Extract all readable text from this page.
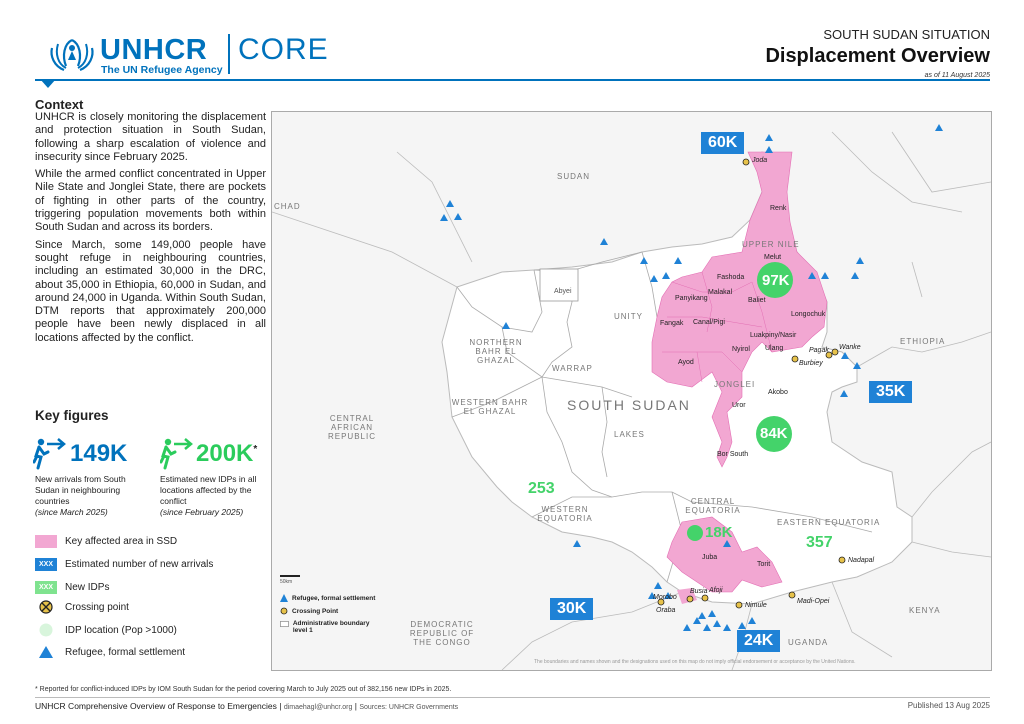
UNHCR
The UN Refugee Agency
CORE	SOUTH SUDAN SITUATION
Displacement Overview
as of 11 August 2025
Context

UNHCR is closely monitoring the displacement and protection situation in South Sudan, following a sharp escalation of violence and insecurity since February 2025.

While the armed conflict concentrated in Upper Nile State and Jonglei State, there are pockets of fighting in other parts of the country, triggering population movements both within South Sudan and across its borders.

Since March, some 149,000 people have sought refuge in neighbouring countries, including an estimated 30,000 in the DRC, about 35,000 in Ethiopia, 60,000 in Sudan, and around 24,000 in Uganda. Within South Sudan, DTM reports that approximately 200,000 people have been newly displaced in all locations affected by the conflict.

Key figures
149K
New arrivals from South Sudan in neighbouring countries
(since March 2025)
200K*
Estimated new IDPs in all locations affected by the conflict
(since February 2025)
Key affected area in SSD
XXX	Estimated number of new arrivals
XXX	New IDPs
Crossing point
IDP location (Pop >1000)
Refugee, formal settlement
SUDAN
CHAD
CENTRAL AFRICAN REPUBLIC
ETHIOPIA
DEMOCRATIC REPUBLIC OF THE CONGO	UGANDA
KENYA
SOUTH SUDAN
UPPER NILE
UNITY
NORTHERN BAHR EL GHAZAL
WARRAP
WESTERN BAHR EL GHAZAL
LAKES
JONGLEI
WESTERN EQUATORIA
CENTRAL EQUATORIA
EASTERN EQUATORIA
Abyei
Joda
Renk
Melut
Fashoda
Malakal
Panyikang	Baliet
Longochuk
Fangak Canal/Pigi
Luakpiny/Nasir
Nyirol Ulang	Pagak Wanke
Burbiey
Ayod
Akobo
Uror
Bor South
Juba
Torit
Nadapal
Busia Afoji
Morobo
Oraba
Nimule
Madi-Opei
60K
35K
30K
24K
97K
84K
18K
253
357
50km
Refugee, formal settlement
Crossing Point
Administrative boundary level 1
The boundaries and names shown and the designations used on this map do not imply official endorsement or acceptance by the United Nations.
* Reported for conflict-induced IDPs by IOM South Sudan for the period covering March to July 2025 out of 382,156 new IDPs in 2025.
UNHCR Comprehensive Overview of Response to Emergencies | dimaehagl@unhcr.org | Sources: UNHCR Governments	Published 13 Aug 2025
